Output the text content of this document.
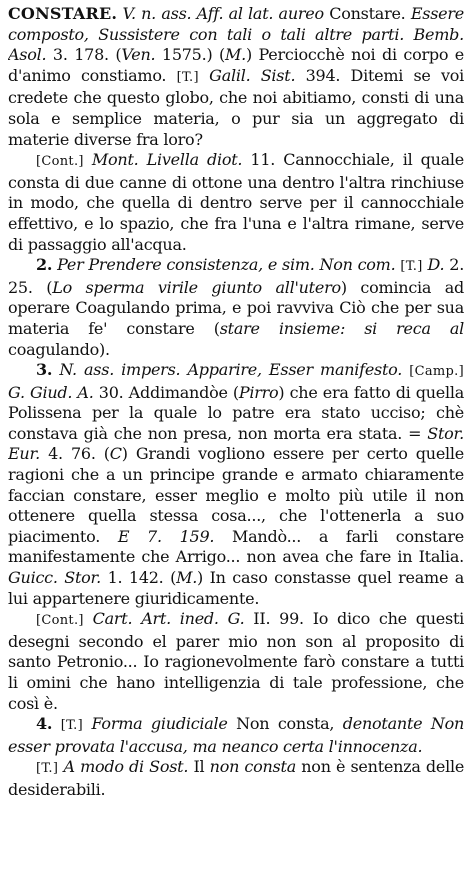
CONSTARE. V. n. ass. Aff. al lat. aureo Constare. Essere composto, Sussistere con tali o tali altre parti. Bemb. Asol. 3. 178. (Ven. 1575.) (M.) Perciocchè noi di corpo e d'animo constiamo. [T.] Galil. Sist. 394. Ditemi se voi credete che questo globo, che noi abitiamo, consti di una sola e semplice materia, o pur sia un aggregato di materie diverse fra loro?

[Cont.] Mont. Livella diot. 11. Cannocchiale, il quale consta di due canne di ottone una dentro l'altra rinchiuse in modo, che quella di dentro serve per il cannocchiale effettivo, e lo spazio, che fra l'una e l'altra rimane, serve di passaggio all'acqua.

2. Per Prendere consistenza, e sim. Non com. [T.] D. 2. 25. (Lo sperma virile giunto all'utero) comincia ad operare Coagulando prima, e poi ravviva Ciò che per sua materia fe' constare (stare insieme: si reca al coagulando).

3. N. ass. impers. Apparire, Esser manifesto. [Camp.] G. Giud. A. 30. Addimandòe (Pirro) che era fatto di quella Polissena per la quale lo patre era stato ucciso; chè constava già che non presa, non morta era stata. = Stor. Eur. 4. 76. (C) Grandi vogliono essere per certo quelle ragioni che a un principe grande e armato chiaramente faccian constare, esser meglio e molto più utile il non ottenere quella stessa cosa..., che l'ottenerla a suo piacimento. E 7. 159. Mandò... a farli constare manifestamente che Arrigo... non avea che fare in Italia. Guicc. Stor. 1. 142. (M.) In caso constasse quel reame a lui appartenere giuridicamente.

[Cont.] Cart. Art. ined. G. II. 99. Io dico che questi desegni secondo el parer mio non son al proposito di santo Petronio... Io ragionevolmente farò constare a tutti li omini che hano intelligenzia di tale professione, che così è.

4. [T.] Forma giudiciale Non consta, denotante Non esser provata l'accusa, ma neanco certa l'innocenza.

[T.] A modo di Sost. Il non consta non è sentenza delle desiderabili.
